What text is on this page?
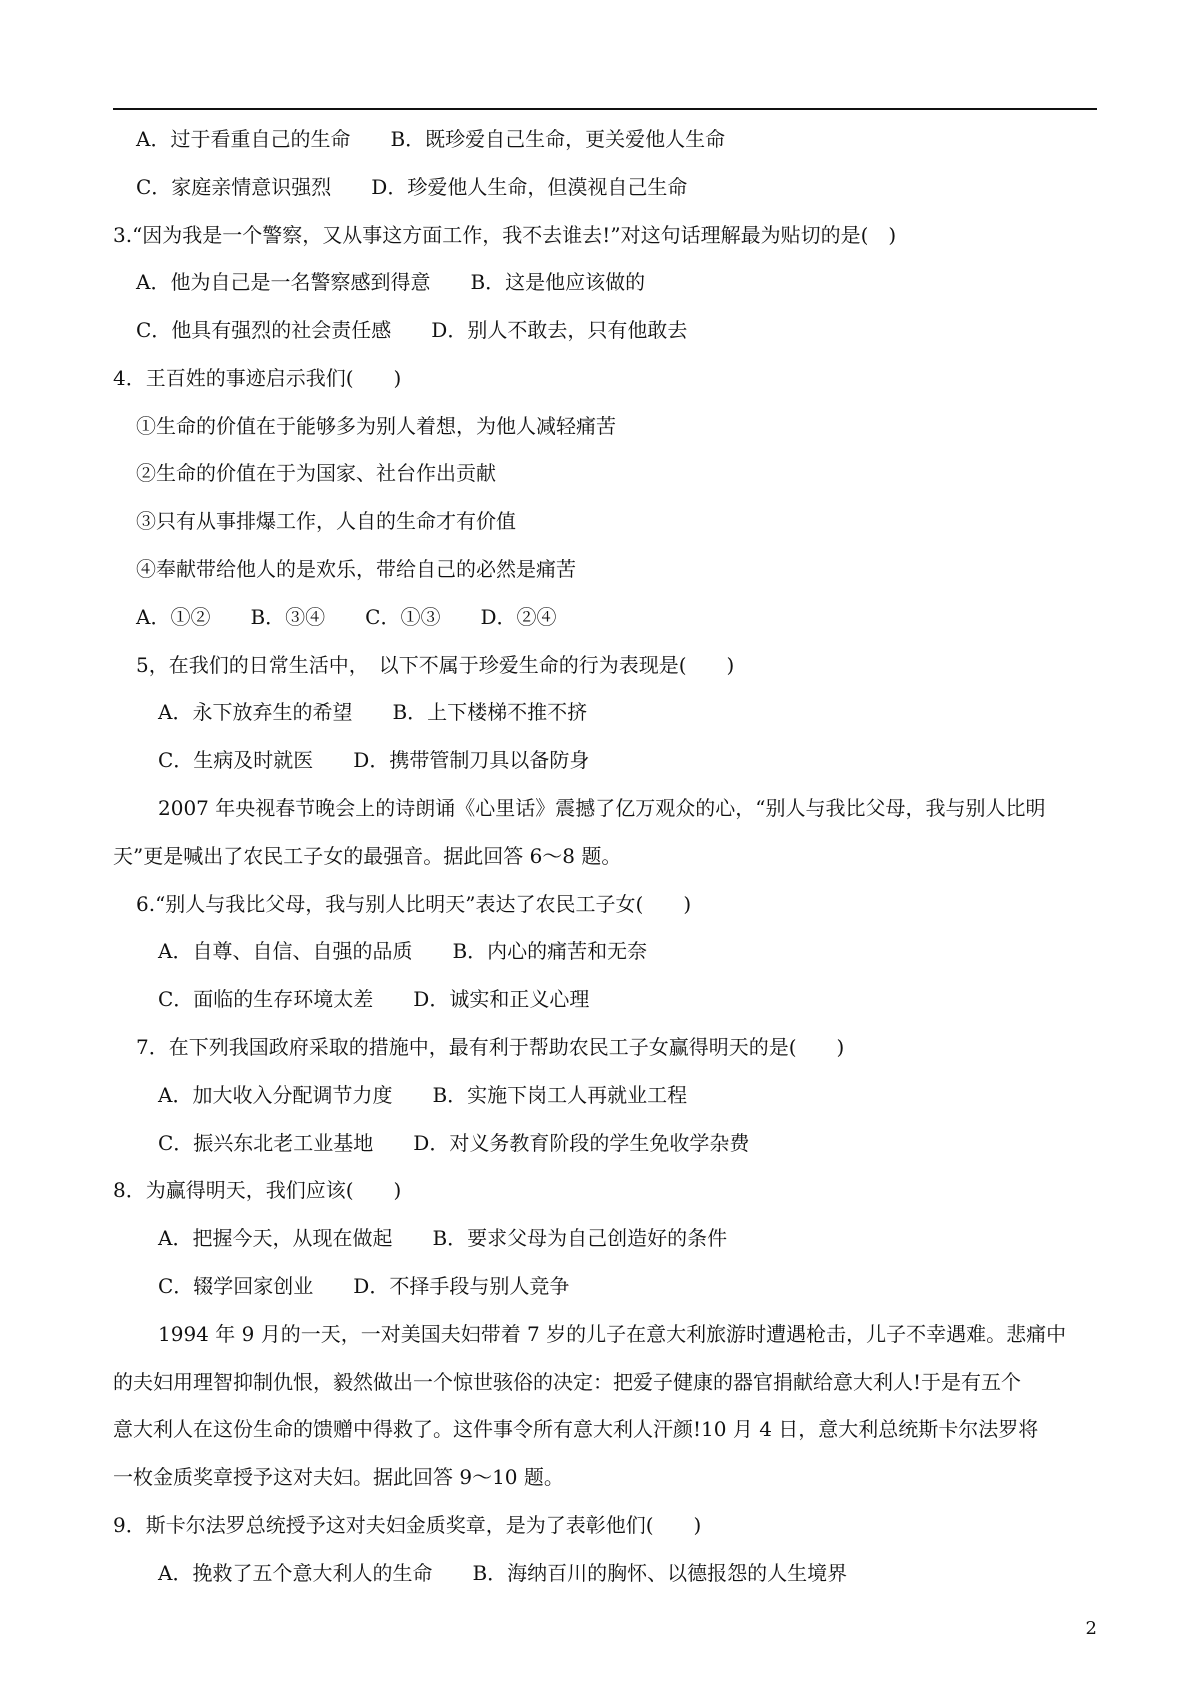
A．过于看重自己的生命　　B．既珍爱自己生命，更关爱他人生命
C．家庭亲情意识强烈　　D．珍爱他人生命，但漠视自己生命
3.“因为我是一个警察，又从事这方面工作，我不去谁去!”对这句话理解最为贴切的是(　)
A．他为自己是一名警察感到得意　　B．这是他应该做的
C．他具有强烈的社会责任感　　D．别人不敢去，只有他敢去
4．王百姓的事迹启示我们(　　)
①生命的价值在于能够多为别人着想，为他人减轻痛苦
②生命的价值在于为国家、社台作出贡献
③只有从事排爆工作，人自的生命才有价值
④奉献带给他人的是欢乐，带给自己的必然是痛苦
A．①②　　B．③④　　C．①③　　D．②④
5，在我们的日常生活中，　以下不属于珍爱生命的行为表现是(　　)
A．永下放弃生的希望　　B．上下楼梯不推不挤
C．生病及时就医　　D．携带管制刀具以备防身
2007 年央视春节晚会上的诗朗诵《心里话》震撼了亿万观众的心，“别人与我比父母，我与别人比明
天”更是喊出了农民工子女的最强音。据此回答 6～8 题。
6.“别人与我比父母，我与别人比明天”表达了农民工子女(　　)
A．自尊、自信、自强的品质　　B．内心的痛苦和无奈
C．面临的生存环境太差　　D．诚实和正义心理
7．在下列我国政府采取的措施中，最有利于帮助农民工子女赢得明天的是(　　)
A．加大收入分配调节力度　　B．实施下岗工人再就业工程
C．振兴东北老工业基地　　D．对义务教育阶段的学生免收学杂费
8．为赢得明天，我们应该(　　)
A．把握今天，从现在做起　　B．要求父母为自己创造好的条件
C．辍学回家创业　　D．不择手段与别人竞争
1994 年 9 月的一天，一对美国夫妇带着 7 岁的儿子在意大利旅游时遭遇枪击，儿子不幸遇难。悲痛中
的夫妇用理智抑制仇恨，毅然做出一个惊世骇俗的决定：把爱子健康的器官捐献给意大利人!于是有五个
意大利人在这份生命的馈赠中得救了。这件事令所有意大利人汗颜!10 月 4 日，意大利总统斯卡尔法罗将
一枚金质奖章授予这对夫妇。据此回答 9～10 题。
9．斯卡尔法罗总统授予这对夫妇金质奖章，是为了表彰他们(　　)
A．挽救了五个意大利人的生命　　B．海纳百川的胸怀、以德报怨的人生境界
2
